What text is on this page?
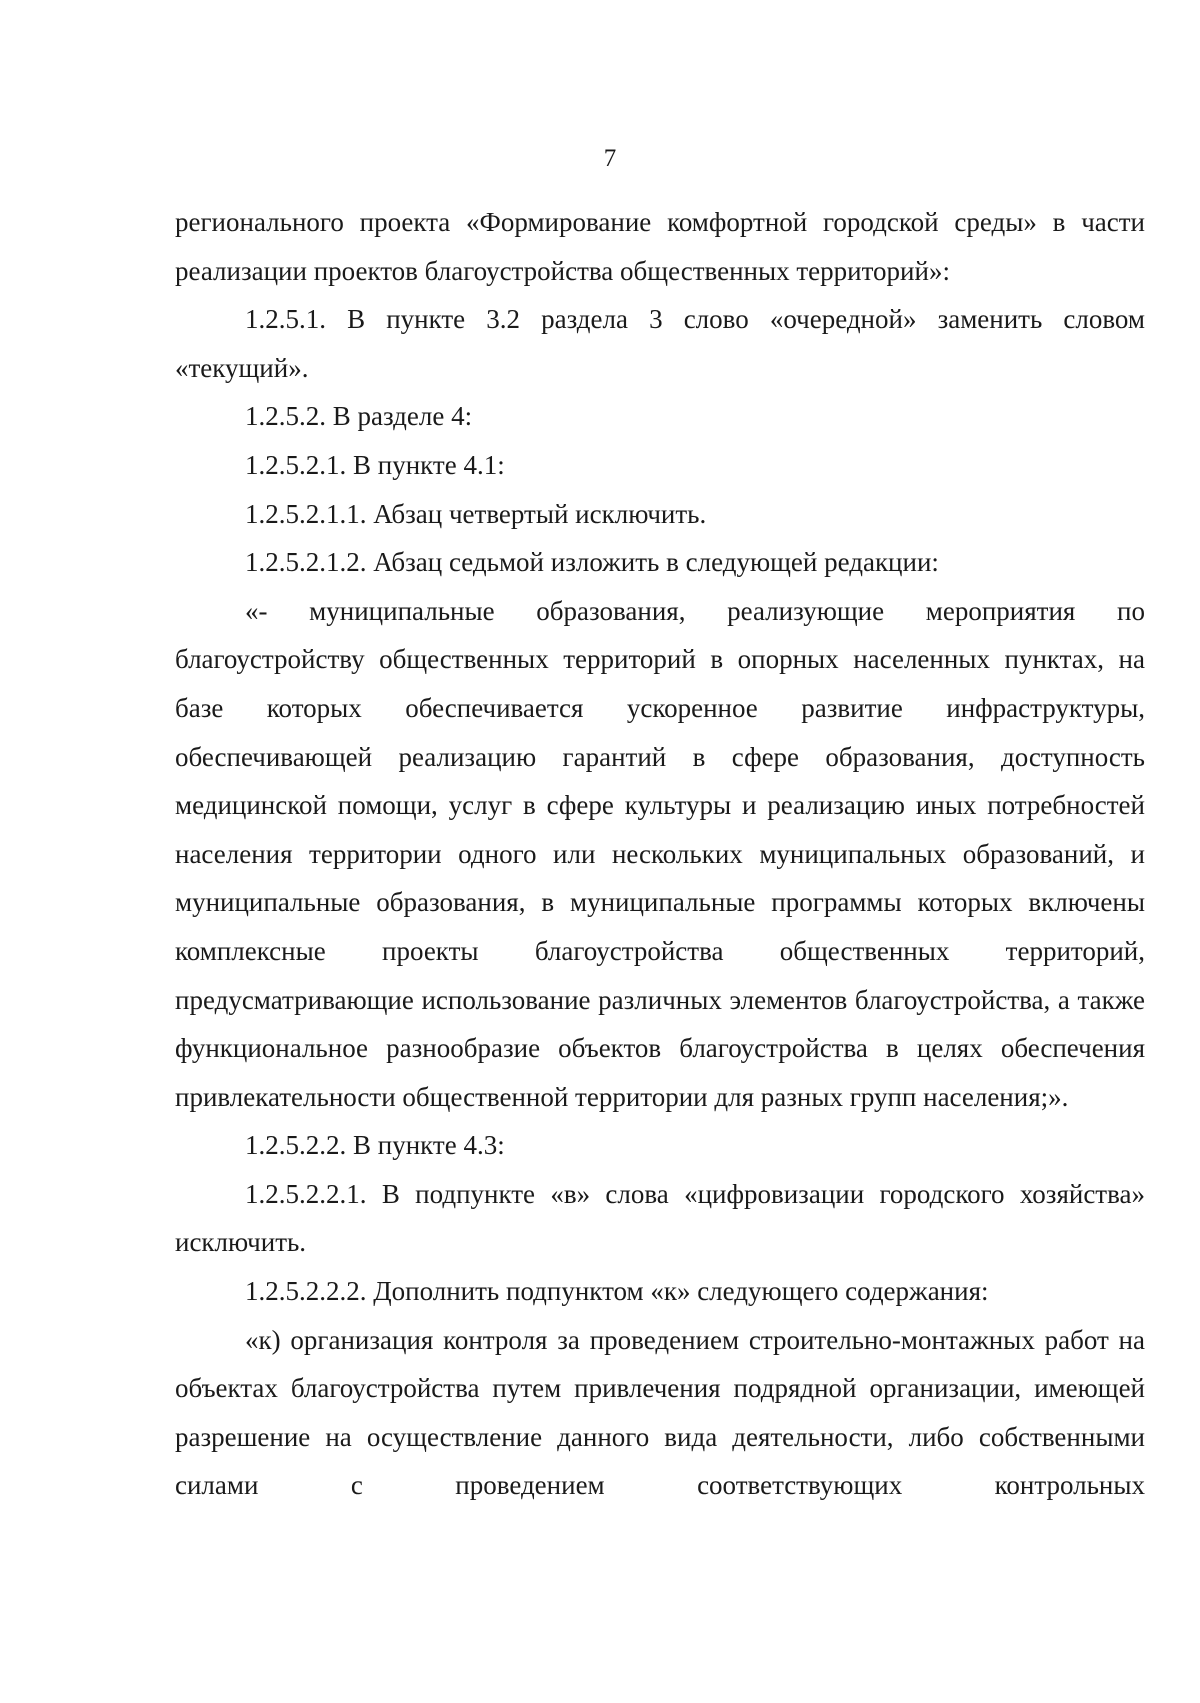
7

регионального проекта «Формирование комфортной городской среды» в части реализации проектов благоустройства общественных территорий»:

1.2.5.1. В пункте 3.2 раздела 3 слово «очередной» заменить словом «текущий».

1.2.5.2. В разделе 4:

1.2.5.2.1. В пункте 4.1:

1.2.5.2.1.1. Абзац четвертый исключить.

1.2.5.2.1.2. Абзац седьмой изложить в следующей редакции:

«- муниципальные образования, реализующие мероприятия по благоустройству общественных территорий в опорных населенных пунктах, на базе которых обеспечивается ускоренное развитие инфраструктуры, обеспечивающей реализацию гарантий в сфере образования, доступность медицинской помощи, услуг в сфере культуры и реализацию иных потребностей населения территории одного или нескольких муниципальных образований, и муниципальные образования, в муниципальные программы которых включены комплексные проекты благоустройства общественных территорий, предусматривающие использование различных элементов благоустройства, а также функциональное разнообразие объектов благоустройства в целях обеспечения привлекательности общественной территории для разных групп населения;».

1.2.5.2.2. В пункте 4.3:

1.2.5.2.2.1. В подпункте «в» слова «цифровизации городского хозяйства» исключить.

1.2.5.2.2.2. Дополнить подпунктом «к» следующего содержания:

«к) организация контроля за проведением строительно-монтажных работ на объектах благоустройства путем привлечения подрядной организации, имеющей разрешение на осуществление данного вида деятельности, либо собственными силами с проведением соответствующих контрольных
